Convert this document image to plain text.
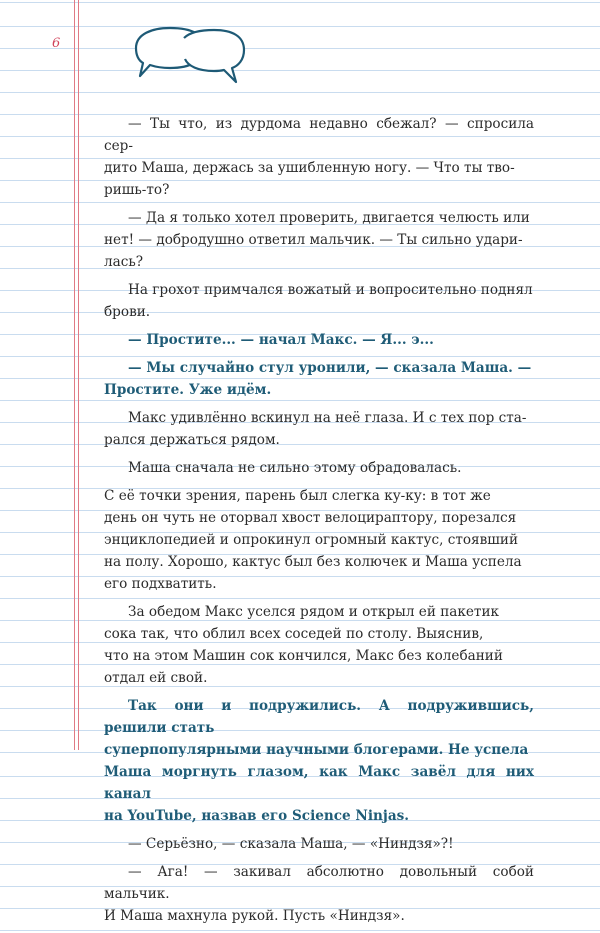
6

— Ты что, из дурдома недавно сбежал? — спросила сер-
дито Маша, держась за ушибленную ногу. — Что ты тво-
ришь-то?

— Да я только хотел проверить, двигается челюсть или
нет! — добродушно ответил мальчик. — Ты сильно удари-
лась?

На грохот примчался вожатый и вопросительно поднял
брови.

— Простите... — начал Макс. — Я... э...

— Мы случайно стул уронили, — сказала Маша. —
Простите. Уже идём.

Макс удивлённо вскинул на неё глаза. И с тех пор ста-
рался держаться рядом.

Маша сначала не сильно этому обрадовалась.

С её точки зрения, парень был слегка ку-ку: в тот же
день он чуть не оторвал хвост велоцираптору, порезался
энциклопедией и опрокинул огромный кактус, стоявший
на полу. Хорошо, кактус был без колючек и Маша успела
его подхватить.

За обедом Макс уселся рядом и открыл ей пакетик
сока так, что облил всех соседей по столу. Выяснив,
что на этом Машин сок кончился, Макс без колебаний
отдал ей свой.

Так они и подружились. А подружившись, решили стать
суперпопулярными научными блогерами. Не успела
Маша моргнуть глазом, как Макс завёл для них канал
на YouTube, назвав его Science Ninjas.

— Серьёзно, — сказала Маша, — «Ниндзя»?!

— Ага! — закивал абсолютно довольный собой мальчик.
И Маша махнула рукой. Пусть «Ниндзя».
